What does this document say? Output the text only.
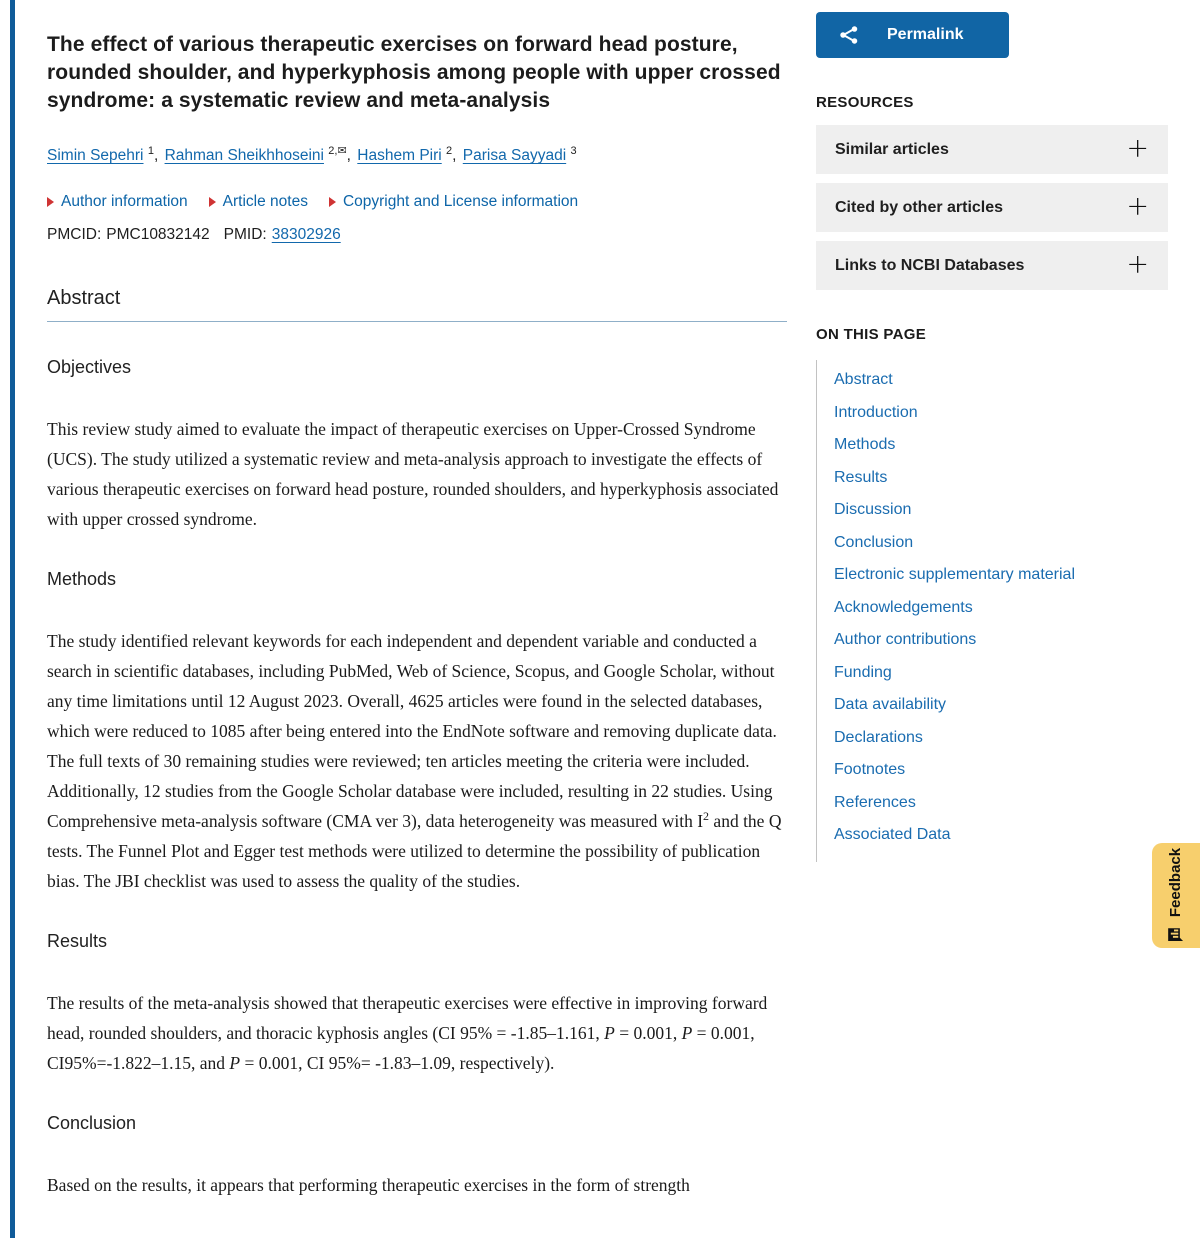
The effect of various therapeutic exercises on forward head posture, rounded shoulder, and hyperkyphosis among people with upper crossed syndrome: a systematic review and meta-analysis

Simin Sepehri $^1$, Rahman Sheikhhoseini $^{2,✉}$, Hashem Piri $^2$, Parisa Sayyadi $^3$

Author information Article notes Copyright and License information

PMCID: PMC10832142 PMID: 38302926

Abstract
Objectives

This review study aimed to evaluate the impact of therapeutic exercises on Upper-Crossed Syndrome (UCS). The study utilized a systematic review and meta-analysis approach to investigate the effects of various therapeutic exercises on forward head posture, rounded shoulders, and hyperkyphosis associated with upper crossed syndrome.

Methods

The study identified relevant keywords for each independent and dependent variable and conducted a search in scientific databases, including PubMed, Web of Science, Scopus, and Google Scholar, without any time limitations until 12 August 2023. Overall, 4625 articles were found in the selected databases, which were reduced to 1085 after being entered into the EndNote software and removing duplicate data. The full texts of 30 remaining studies were reviewed; ten articles meeting the criteria were included. Additionally, 12 studies from the Google Scholar database were included, resulting in 22 studies. Using Comprehensive meta-analysis software (CMA ver 3), data heterogeneity was measured with $I^2$ and the Q tests. The Funnel Plot and Egger test methods were utilized to determine the possibility of publication bias. The JBI checklist was used to assess the quality of the studies.

Results

The results of the meta-analysis showed that therapeutic exercises were effective in improving forward head, rounded shoulders, and thoracic kyphosis angles (CI 95% = -1.85–1.161, P = 0.001, P = 0.001, CI95%=-1.822–1.15, and P = 0.001, CI 95%= -1.83–1.09, respectively).

Conclusion

Based on the results, it appears that performing therapeutic exercises in the form of strength

Permalink
RESOURCES
Similar articles	+
Cited by other articles	+
Links to NCBI Databases	+
ON THIS PAGE
Abstract
Introduction
Methods
Results
Discussion
Conclusion
Electronic supplementary material
Acknowledgements
Author contributions
Funding
Data availability
Declarations
Footnotes
References
Associated Data
Feedback
